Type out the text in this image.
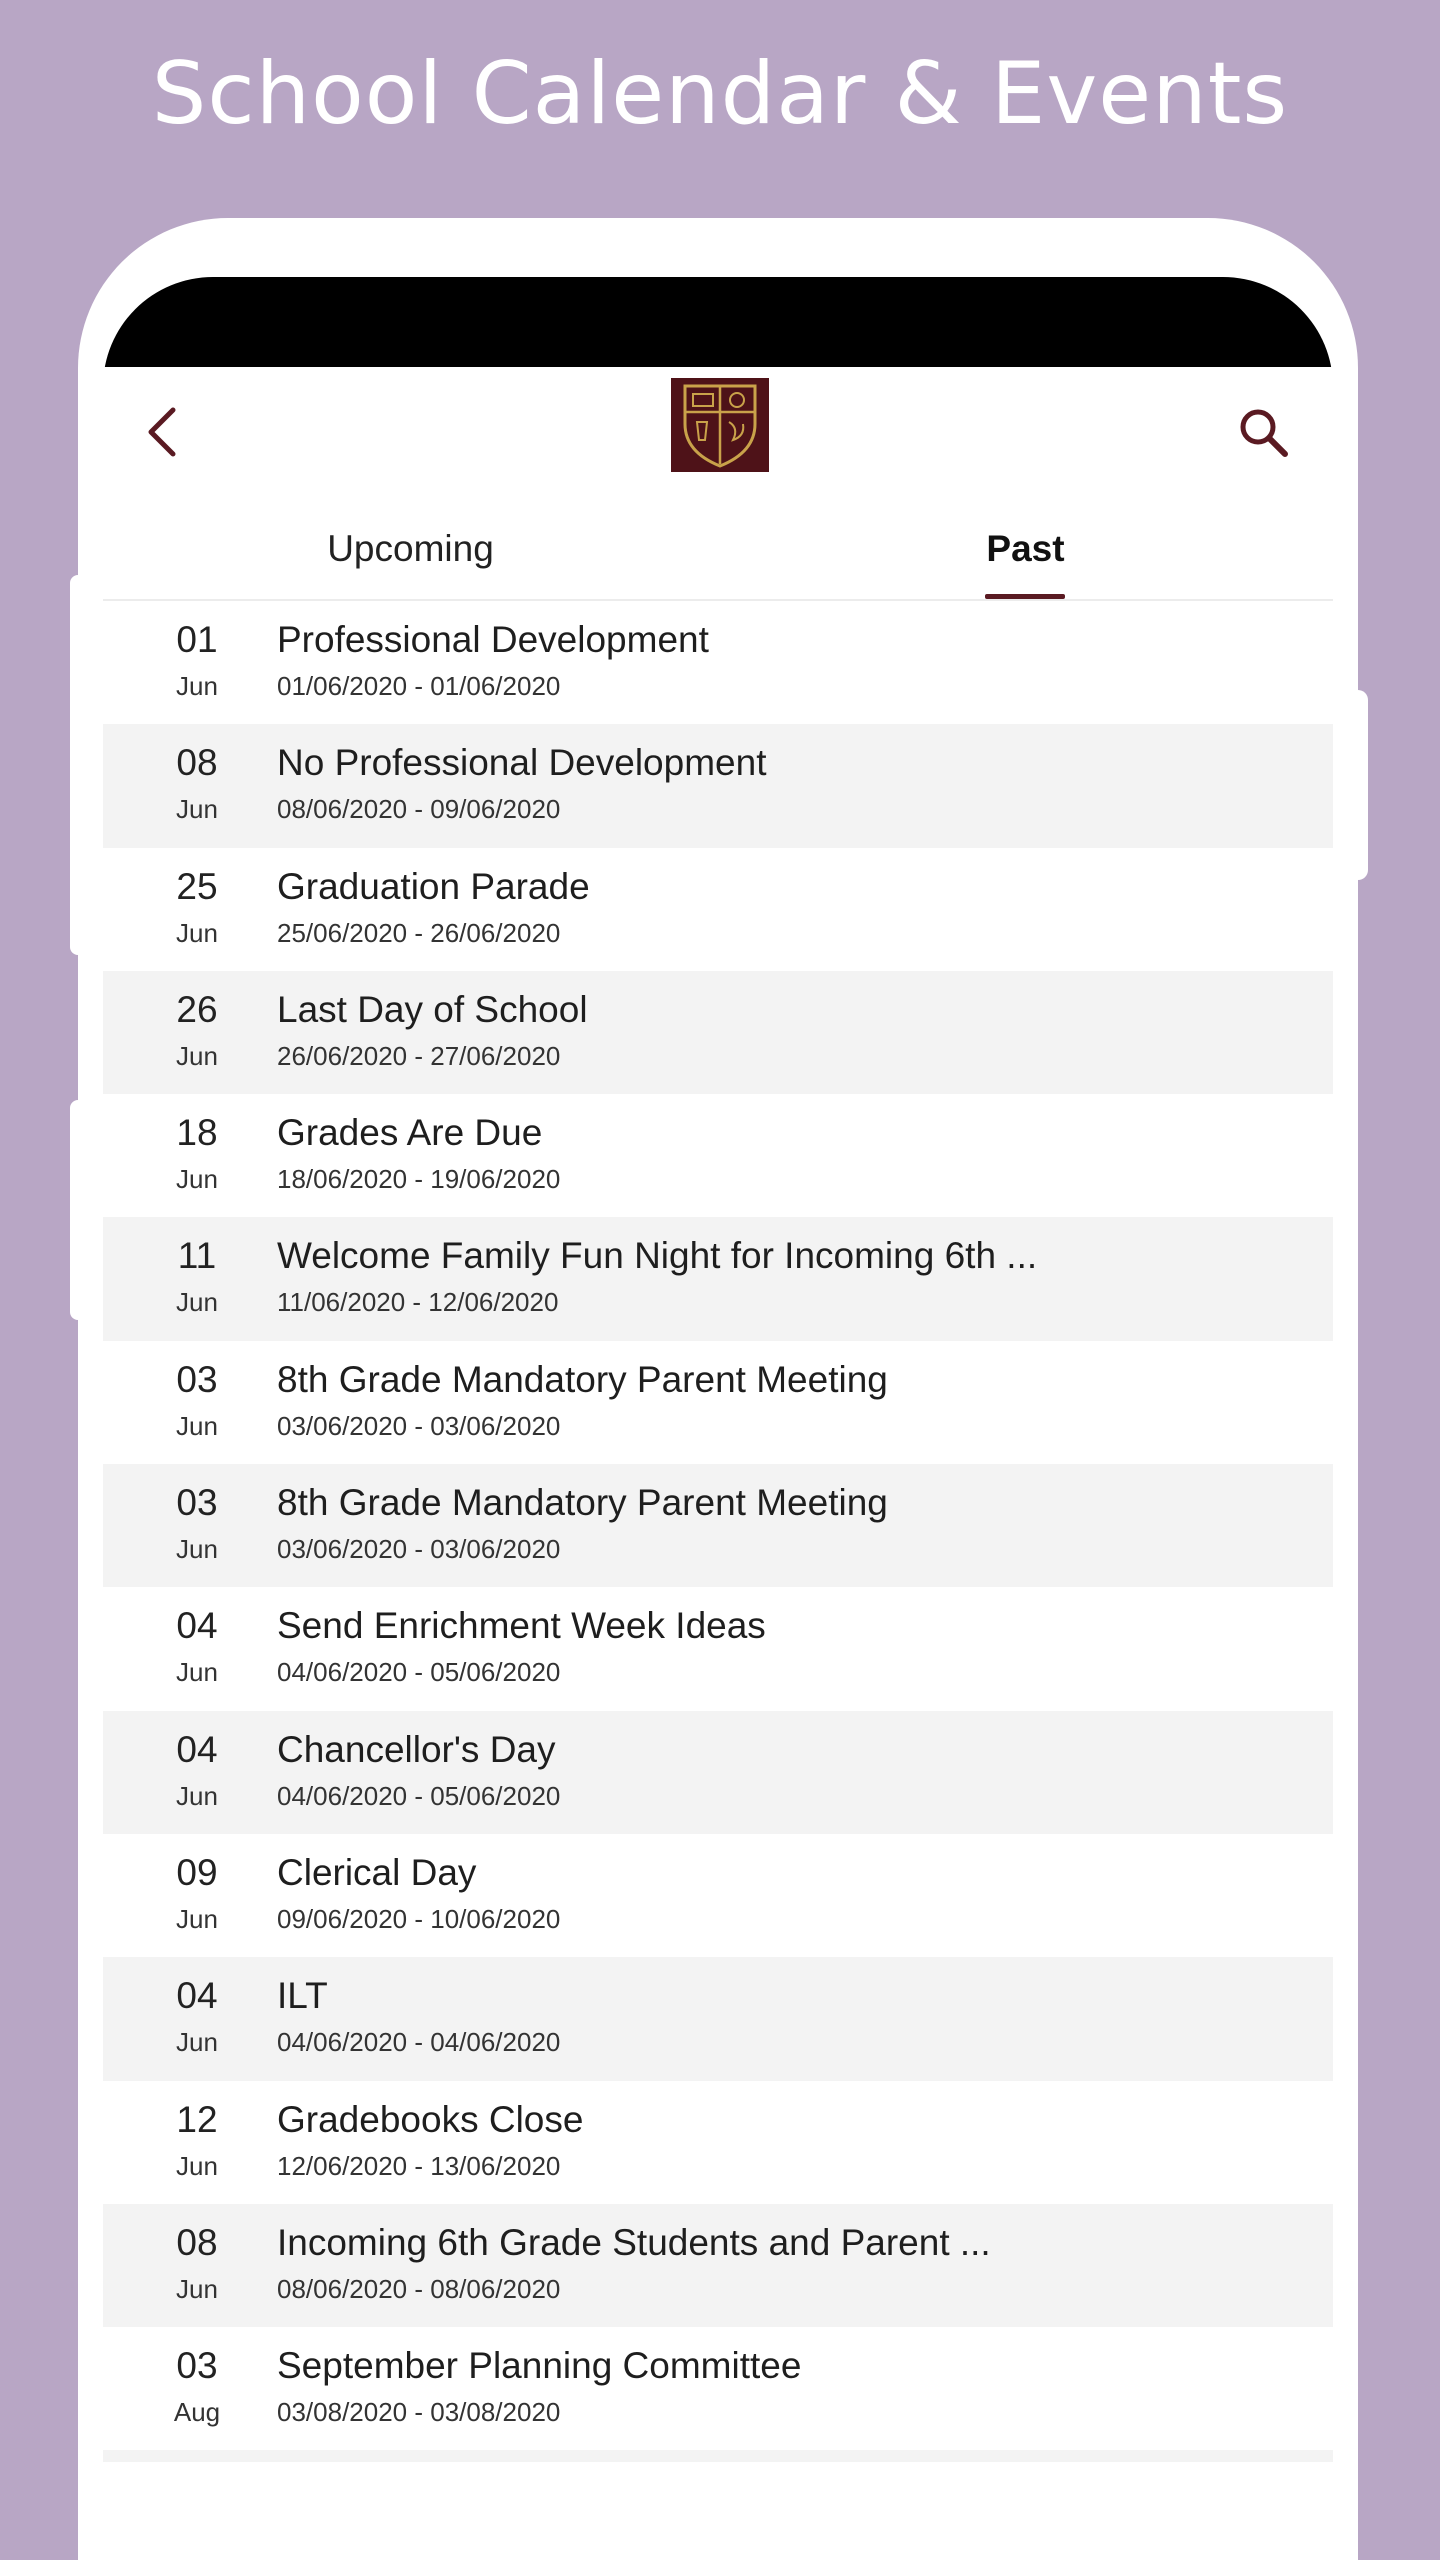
School Calendar & Events
Upcoming	Past
01
Jun
Professional Development
01/06/2020 - 01/06/2020
08
Jun
No Professional Development
08/06/2020 - 09/06/2020
25
Jun
Graduation Parade
25/06/2020 - 26/06/2020
26
Jun
Last Day of School
26/06/2020 - 27/06/2020
18
Jun
Grades Are Due
18/06/2020 - 19/06/2020
11
Jun
Welcome Family Fun Night for Incoming 6th ...
11/06/2020 - 12/06/2020
03
Jun
8th Grade Mandatory Parent Meeting
03/06/2020 - 03/06/2020
03
Jun
8th Grade Mandatory Parent Meeting
03/06/2020 - 03/06/2020
04
Jun
Send Enrichment Week Ideas
04/06/2020 - 05/06/2020
04
Jun
Chancellor's Day
04/06/2020 - 05/06/2020
09
Jun
Clerical Day
09/06/2020 - 10/06/2020
04
Jun
ILT
04/06/2020 - 04/06/2020
12
Jun
Gradebooks Close
12/06/2020 - 13/06/2020
08
Jun
Incoming 6th Grade Students and Parent ...
08/06/2020 - 08/06/2020
03
Aug
September Planning Committee
03/08/2020 - 03/08/2020
